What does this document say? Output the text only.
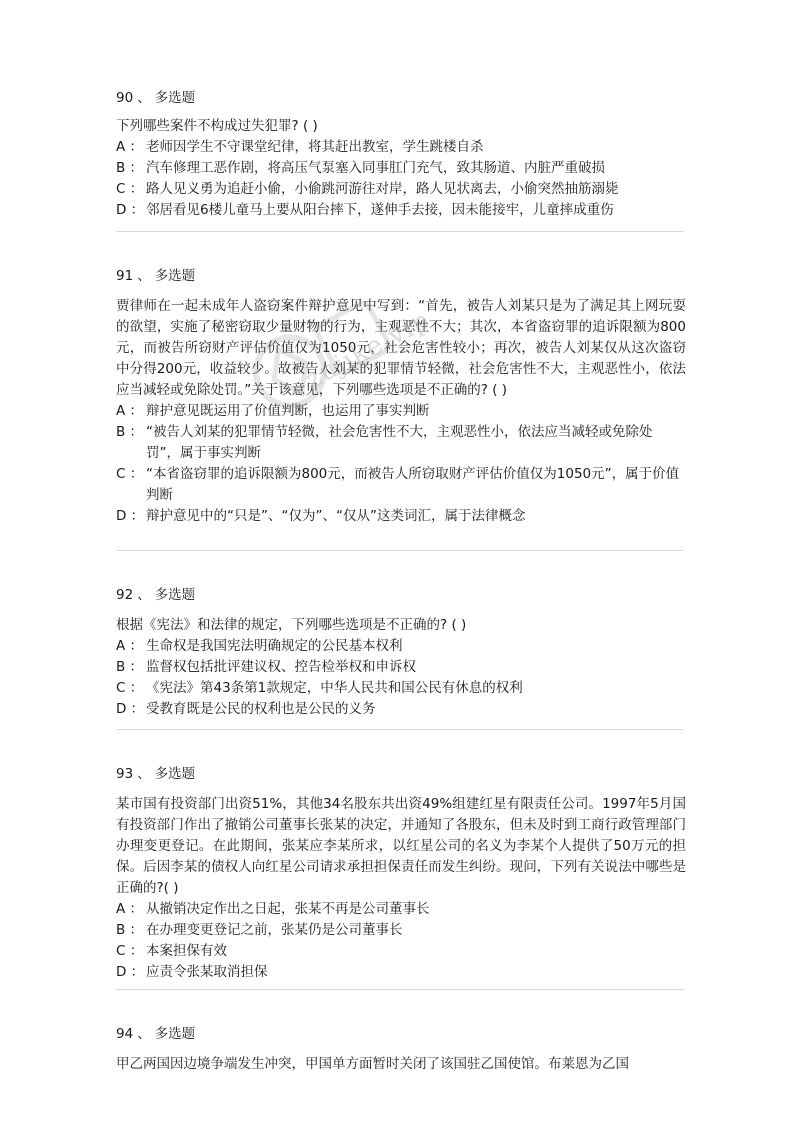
90 、 多选题
下列哪些案件不构成过失犯罪? ( )
A ： 老师因学生不守课堂纪律，将其赶出教室，学生跳楼自杀
B ： 汽车修理工恶作剧，将高压气泵塞入同事肛门充气，致其肠道、内脏严重破损
C ： 路人见义勇为追赶小偷，小偷跳河游往对岸，路人见状离去，小偷突然抽筋溺毙
D ： 邻居看见6楼儿童马上要从阳台摔下，遂伸手去接，因未能接牢，儿童摔成重伤
91 、 多选题
贾律师在一起未成年人盗窃案件辩护意见中写到：“首先，被告人刘某只是为了满足其上网玩耍的欲望，实施了秘密窃取少量财物的行为，主观恶性不大；其次，本省盗窃罪的追诉限额为800元，而被告所窃财产评估价值仅为1050元，社会危害性较小；再次，被告人刘某仅从这次盗窃中分得200元，收益较少。故被告人刘某的犯罪情节轻微，社会危害性不大，主观恶性小，依法应当减轻或免除处罚。”关于该意见，下列哪些选项是不正确的? ( )
A ： 辩护意见既运用了价值判断，也运用了事实判断
B ： “被告人刘某的犯罪情节轻微，社会危害性不大，主观恶性小，依法应当减轻或免除处罚”，属于事实判断
C ： “本省盗窃罪的追诉限额为800元，而被告人所窃取财产评估价值仅为1050元”，属于价值判断
D ： 辩护意见中的“只是”、“仅为”、“仅从”这类词汇，属于法律概念
92 、 多选题
根据《宪法》和法律的规定，下列哪些选项是不正确的? ( )
A ： 生命权是我国宪法明确规定的公民基本权利
B ： 监督权包括批评建议权、控告检举权和申诉权
C ： 《宪法》第43条第1款规定，中华人民共和国公民有休息的权利
D ： 受教育既是公民的权利也是公民的义务
93 、 多选题
某市国有投资部门出资51%，其他34名股东共出资49%组建红星有限责任公司。1997年5月国有投资部门作出了撤销公司董事长张某的决定，并通知了各股东，但未及时到工商行政管理部门办理变更登记。在此期间，张某应李某所求，以红星公司的名义为李某个人提供了50万元的担保。后因李某的债权人向红星公司请求承担担保责任而发生纠纷。现问，下列有关说法中哪些是正确的?( )
A ： 从撤销决定作出之日起，张某不再是公司董事长
B ： 在办理变更登记之前，张某仍是公司董事长
C ： 本案担保有效
D ： 应责令张某取消担保
94 、 多选题
甲乙两国因边境争端发生冲突，甲国单方面暂时关闭了该国驻乙国使馆。布莱恩为乙国
zujike.vip
